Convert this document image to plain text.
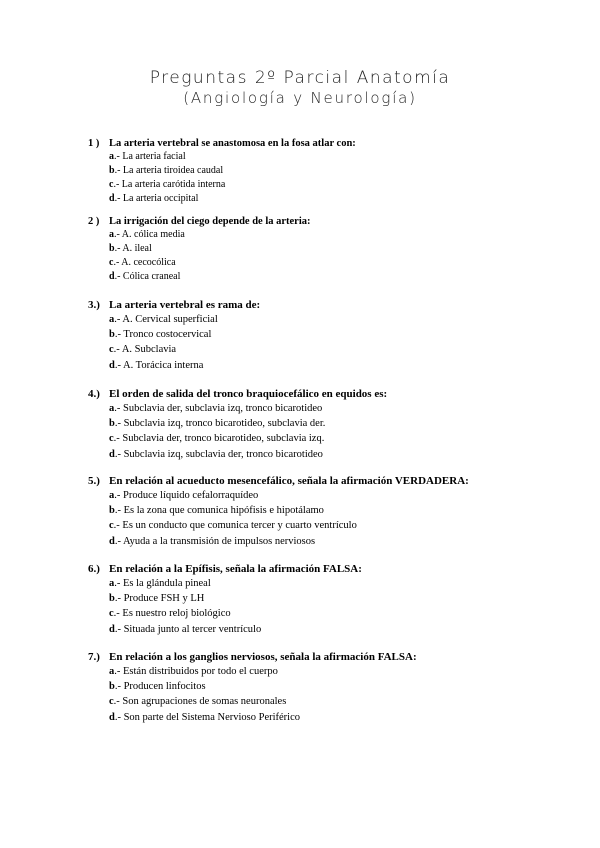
Preguntas 2º Parcial Anatomía
(Angiología y Neurología)
1 ) La arteria vertebral se anastomosa en la fosa atlar con:
a.- La arteria facial
b.- La arteria tiroidea caudal
c.- La arteria carótida interna
d.- La arteria occipital
2 ) La irrigación del ciego depende de la arteria:
a.- A. cólica media
b.- A. ileal
c.- A. cecocólica
d.- Cólica craneal
3.) La arteria vertebral es rama de:
a.- A. Cervical superficial
b.- Tronco costocervical
c.- A. Subclavia
d.- A. Torácica interna
4.) El orden de salida del tronco braquiocefálico en equidos es:
a.- Subclavia der, subclavia izq, tronco bicarotideo
b.- Subclavia izq, tronco bicarotideo, subclavia der.
c.- Subclavia der, tronco bicarotideo, subclavia izq.
d.- Subclavia izq, subclavia der, tronco bicarotideo
5.) En relación al acueducto mesencefálico, señala la afirmación VERDADERA:
a.- Produce líquido cefalorraquídeo
b.- Es la zona que comunica hipófisis e hipotálamo
c.- Es un conducto que comunica tercer y cuarto ventrículo
d.- Ayuda a la transmisión de impulsos nerviosos
6.) En relación a la Epífisis, señala la afirmación FALSA:
a.- Es la glándula pineal
b.- Produce FSH y LH
c.- Es nuestro reloj biológico
d.- Situada junto al tercer ventrículo
7.) En relación a los ganglios nerviosos, señala la afirmación FALSA:
a.- Están distribuidos por todo el cuerpo
b.- Producen linfocitos
c.- Son agrupaciones de somas neuronales
d.- Son parte del Sistema Nervioso Periférico
